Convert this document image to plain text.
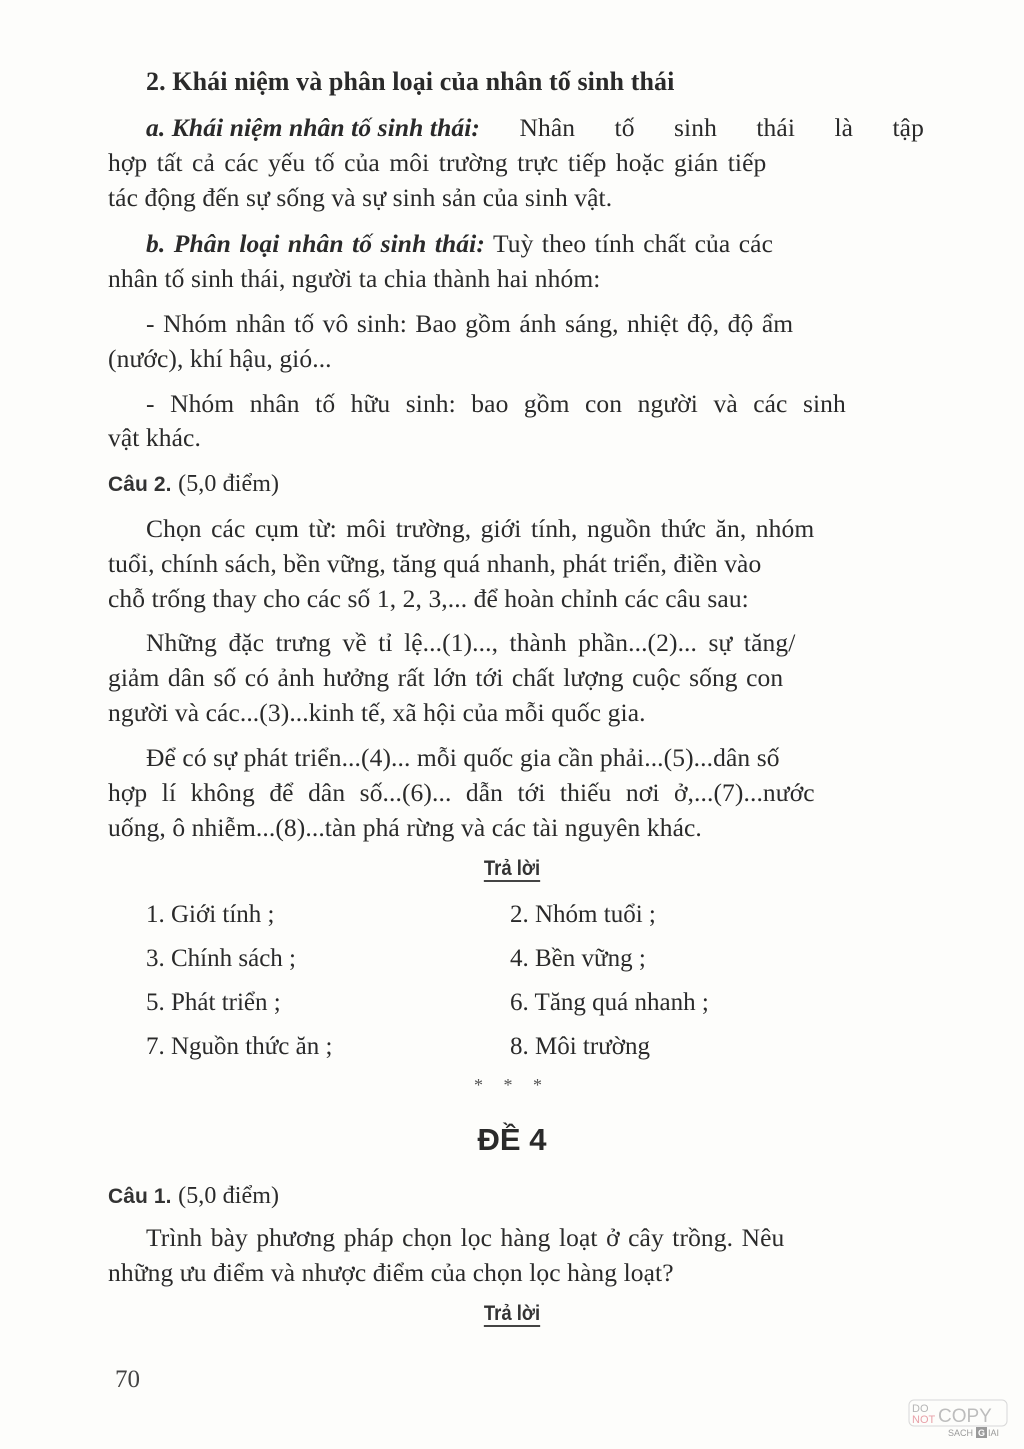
2. Khái niệm và phân loại của nhân tố sinh thái
a. Khái niệm nhân tố sinh thái: Nhân tố sinh thái là tập
hợp tất cả các yếu tố của môi trường trực tiếp hoặc gián tiếp
tác động đến sự sống và sự sinh sản của sinh vật.
b. Phân loại nhân tố sinh thái: Tuỳ theo tính chất của các
nhân tố sinh thái, người ta chia thành hai nhóm:
- Nhóm nhân tố vô sinh: Bao gồm ánh sáng, nhiệt độ, độ ẩm
(nước), khí hậu, gió...
- Nhóm nhân tố hữu sinh: bao gồm con người và các sinh
vật khác.
Câu 2. (5,0 điểm)
Chọn các cụm từ: môi trường, giới tính, nguồn thức ăn, nhóm
tuổi, chính sách, bền vững, tăng quá nhanh, phát triển, điền vào
chỗ trống thay cho các số 1, 2, 3,... để hoàn chỉnh các câu sau:
Những đặc trưng về tỉ lệ...(1)..., thành phần...(2)... sự tăng/
giảm dân số có ảnh hưởng rất lớn tới chất lượng cuộc sống con
người và các...(3)...kinh tế, xã hội của mỗi quốc gia.
Để có sự phát triển...(4)... mỗi quốc gia cần phải...(5)...dân số
hợp lí không để dân số...(6)... dẫn tới thiếu nơi ở,...(7)...nước
uống, ô nhiễm...(8)...tàn phá rừng và các tài nguyên khác.
Trả lời
1. Giới tính ;	2. Nhóm tuổi ;
3. Chính sách ;	4. Bền vững ;
5. Phát triển ;	6. Tăng quá nhanh ;
7. Nguồn thức ăn ;	8. Môi trường
* * *
ĐỀ 4
Câu 1. (5,0 điểm)
Trình bày phương pháp chọn lọc hàng loạt ở cây trồng. Nêu
những ưu điểm và nhược điểm của chọn lọc hàng loạt?
Trả lời
70
DO
NOT COPY
SACH G IAI
